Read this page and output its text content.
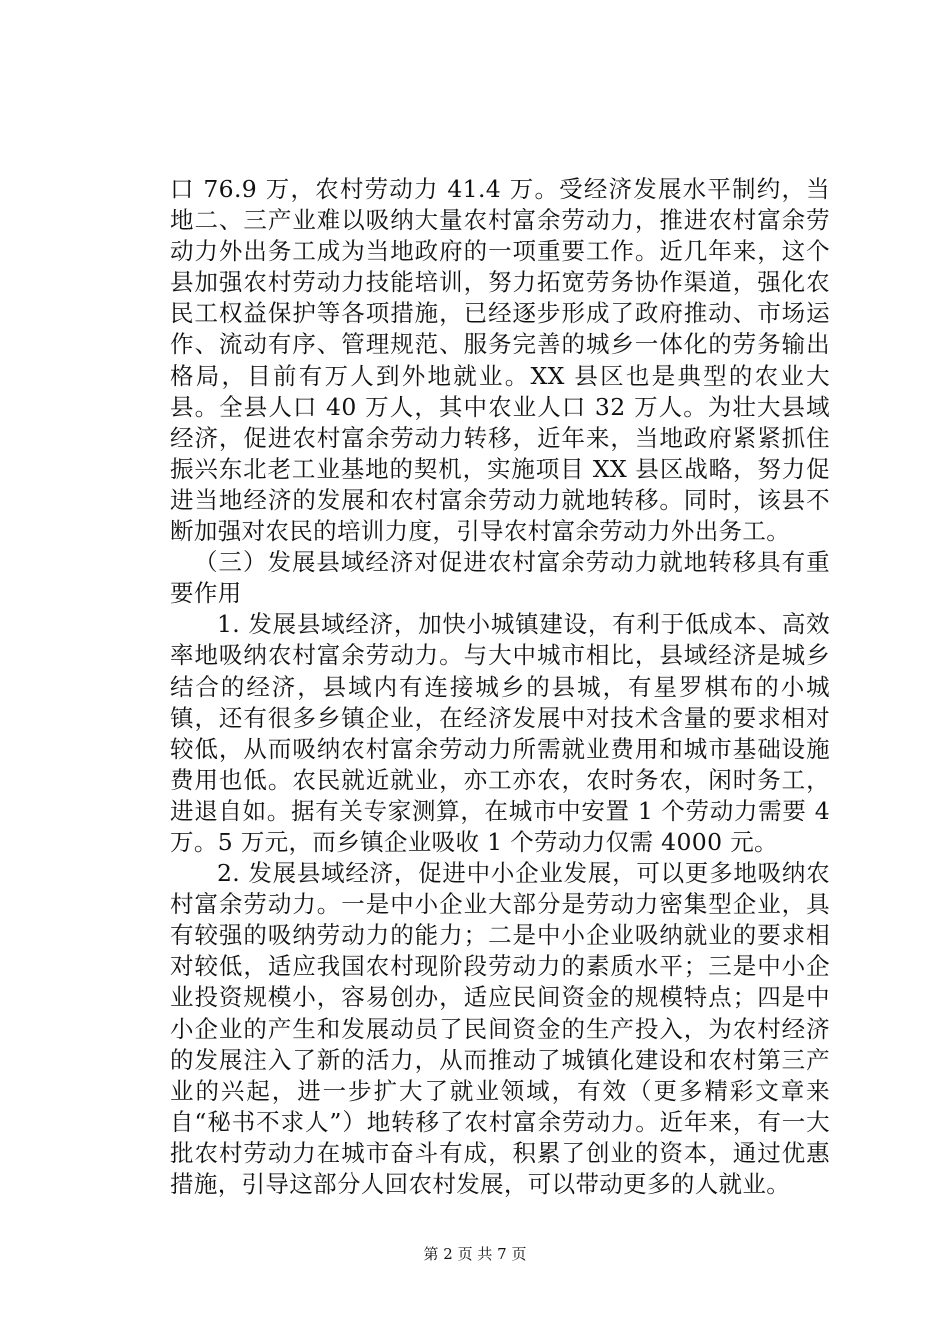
口 76.9 万，农村劳动力 41.4 万。受经济发展水平制约，当地二、三产业难以吸纳大量农村富余劳动力，推进农村富余劳动力外出务工成为当地政府的一项重要工作。近几年来，这个县加强农村劳动力技能培训，努力拓宽劳务协作渠道，强化农民工权益保护等各项措施，已经逐步形成了政府推动、市场运作、流动有序、管理规范、服务完善的城乡一体化的劳务输出格局，目前有万人到外地就业。XX 县区也是典型的农业大县。全县人口 40 万人，其中农业人口 32 万人。为壮大县域经济，促进农村富余劳动力转移，近年来，当地政府紧紧抓住振兴东北老工业基地的契机，实施项目 XX 县区战略，努力促进当地经济的发展和农村富余劳动力就地转移。同时，该县不断加强对农民的培训力度，引导农村富余劳动力外出务工。

（三）发展县域经济对促进农村富余劳动力就地转移具有重要作用

1. 发展县域经济，加快小城镇建设，有利于低成本、高效率地吸纳农村富余劳动力。与大中城市相比，县域经济是城乡结合的经济，县域内有连接城乡的县城，有星罗棋布的小城镇，还有很多乡镇企业，在经济发展中对技术含量的要求相对较低，从而吸纳农村富余劳动力所需就业费用和城市基础设施费用也低。农民就近就业，亦工亦农，农时务农，闲时务工，进退自如。据有关专家测算，在城市中安置 1 个劳动力需要 4 万。5 万元，而乡镇企业吸收 1 个劳动力仅需 4000 元。

2. 发展县域经济，促进中小企业发展，可以更多地吸纳农村富余劳动力。一是中小企业大部分是劳动力密集型企业，具有较强的吸纳劳动力的能力；二是中小企业吸纳就业的要求相对较低，适应我国农村现阶段劳动力的素质水平；三是中小企业投资规模小，容易创办，适应民间资金的规模特点；四是中小企业的产生和发展动员了民间资金的生产投入，为农村经济的发展注入了新的活力，从而推动了城镇化建设和农村第三产业的兴起，进一步扩大了就业领域，有效（更多精彩文章来自“秘书不求人”）地转移了农村富余劳动力。近年来，有一大批农村劳动力在城市奋斗有成，积累了创业的资本，通过优惠措施，引导这部分人回农村发展，可以带动更多的人就业。

第 2 页 共 7 页
